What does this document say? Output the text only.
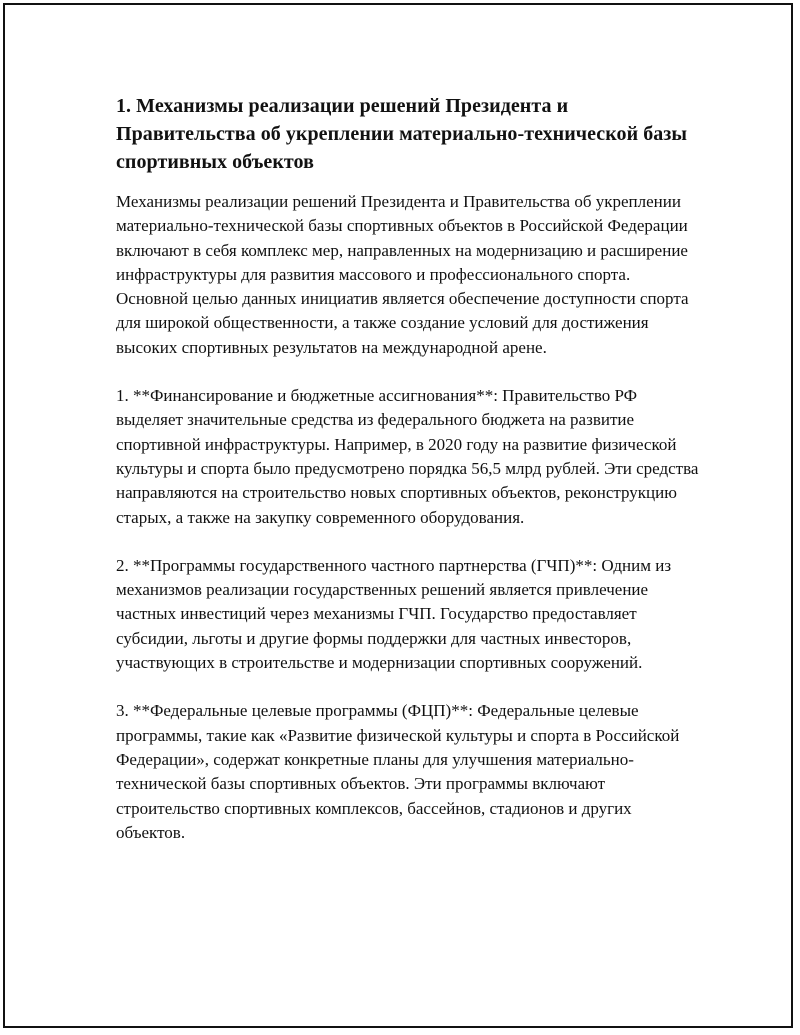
1. Механизмы реализации решений Президента и Правительства об укреплении материально-технической базы спортивных объектов

Механизмы реализации решений Президента и Правительства об укреплении материально-технической базы спортивных объектов в Российской Федерации включают в себя комплекс мер, направленных на модернизацию и расширение инфраструктуры для развития массового и профессионального спорта. Основной целью данных инициатив является обеспечение доступности спорта для широкой общественности, а также создание условий для достижения высоких спортивных результатов на международной арене.

1. **Финансирование и бюджетные ассигнования**: Правительство РФ выделяет значительные средства из федерального бюджета на развитие спортивной инфраструктуры. Например, в 2020 году на развитие физической культуры и спорта было предусмотрено порядка 56,5 млрд рублей. Эти средства направляются на строительство новых спортивных объектов, реконструкцию старых, а также на закупку современного оборудования.

2. **Программы государственного частного партнерства (ГЧП)**: Одним из механизмов реализации государственных решений является привлечение частных инвестиций через механизмы ГЧП. Государство предоставляет субсидии, льготы и другие формы поддержки для частных инвесторов, участвующих в строительстве и модернизации спортивных сооружений.

3. **Федеральные целевые программы (ФЦП)**: Федеральные целевые программы, такие как «Развитие физической культуры и спорта в Российской Федерации», содержат конкретные планы для улучшения материально-технической базы спортивных объектов. Эти программы включают строительство спортивных комплексов, бассейнов, стадионов и других объектов.
